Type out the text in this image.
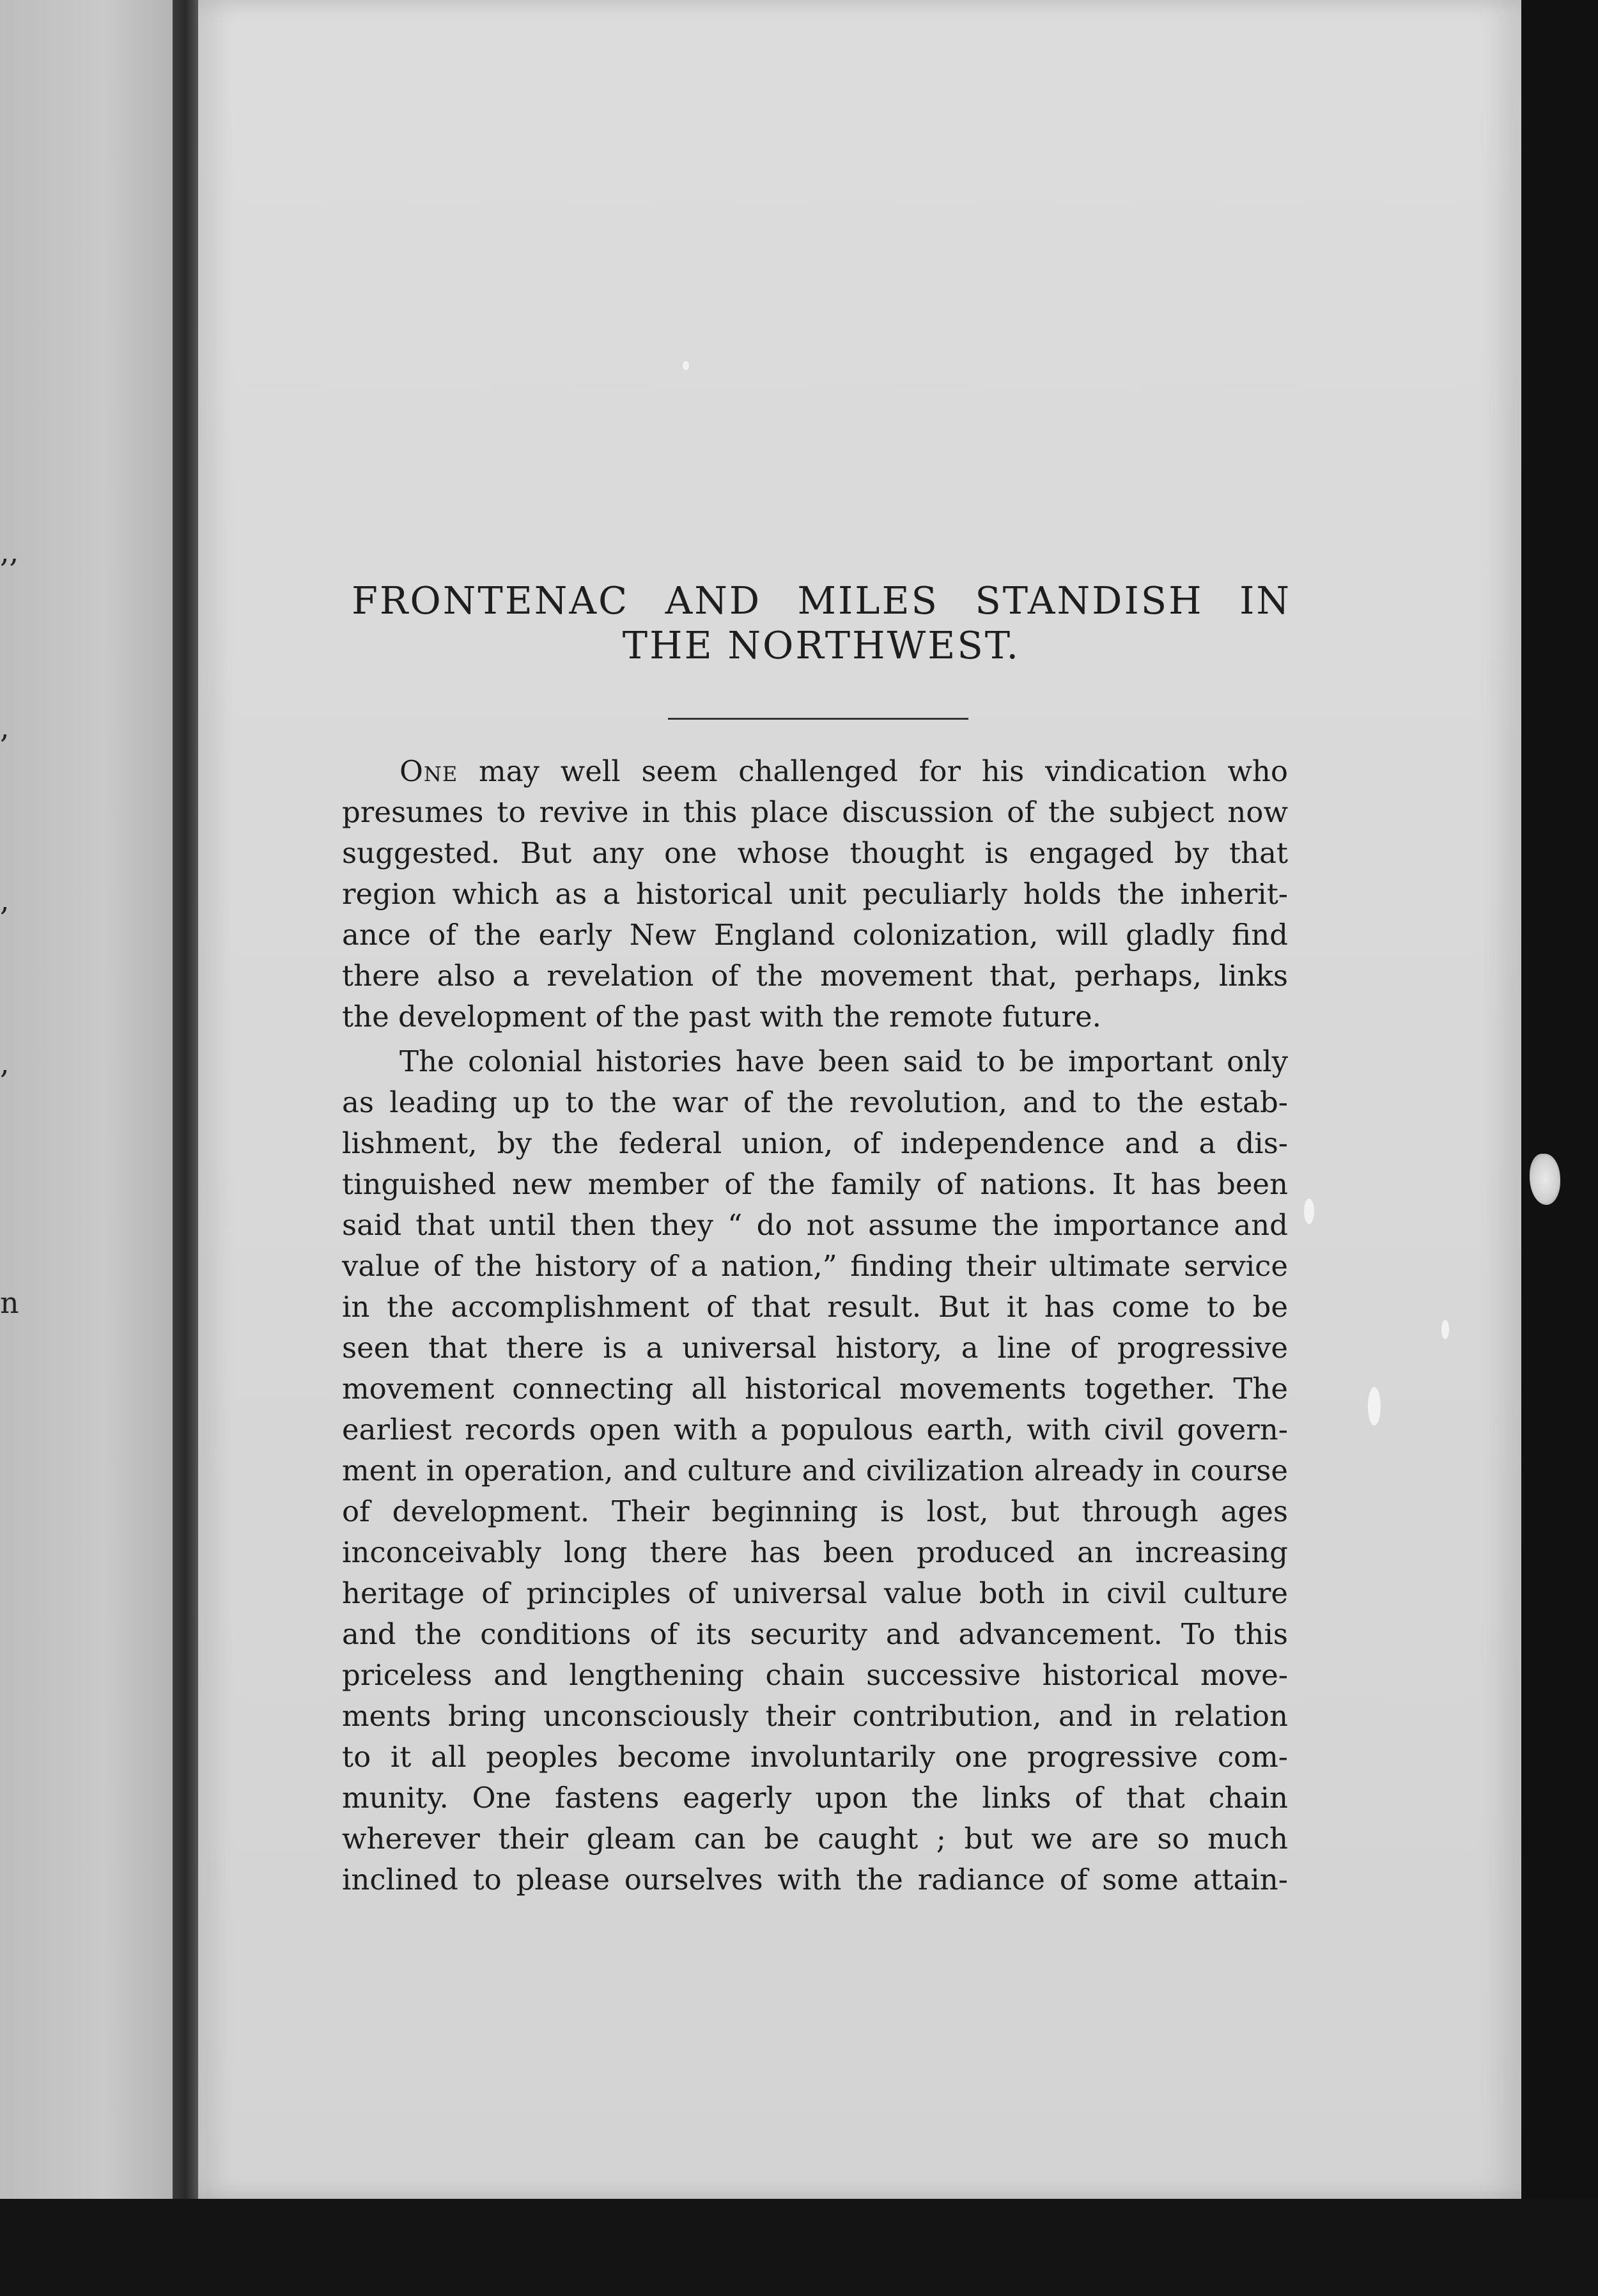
,,
,
,
,
n
FRONTENAC AND MILES STANDISH IN
THE NORTHWEST.
One may well seem challenged for his vindication who
presumes to revive in this place discussion of the subject now
suggested. But any one whose thought is engaged by that
region which as a historical unit peculiarly holds the inherit-
ance of the early New England colonization, will gladly find
there also a revelation of the movement that, perhaps, links
the development of the past with the remote future.
The colonial histories have been said to be important only
as leading up to the war of the revolution, and to the estab-
lishment, by the federal union, of independence and a dis-
tinguished new member of the family of nations. It has been
said that until then they “ do not assume the importance and
value of the history of a nation,” finding their ultimate service
in the accomplishment of that result. But it has come to be
seen that there is a universal history, a line of progressive
movement connecting all historical movements together. The
earliest records open with a populous earth, with civil govern-
ment in operation, and culture and civilization already in course
of development. Their beginning is lost, but through ages
inconceivably long there has been produced an increasing
heritage of principles of universal value both in civil culture
and the conditions of its security and advancement. To this
priceless and lengthening chain successive historical move-
ments bring unconsciously their contribution, and in relation
to it all peoples become involuntarily one progressive com-
munity. One fastens eagerly upon the links of that chain
wherever their gleam can be caught ; but we are so much
inclined to please ourselves with the radiance of some attain-
